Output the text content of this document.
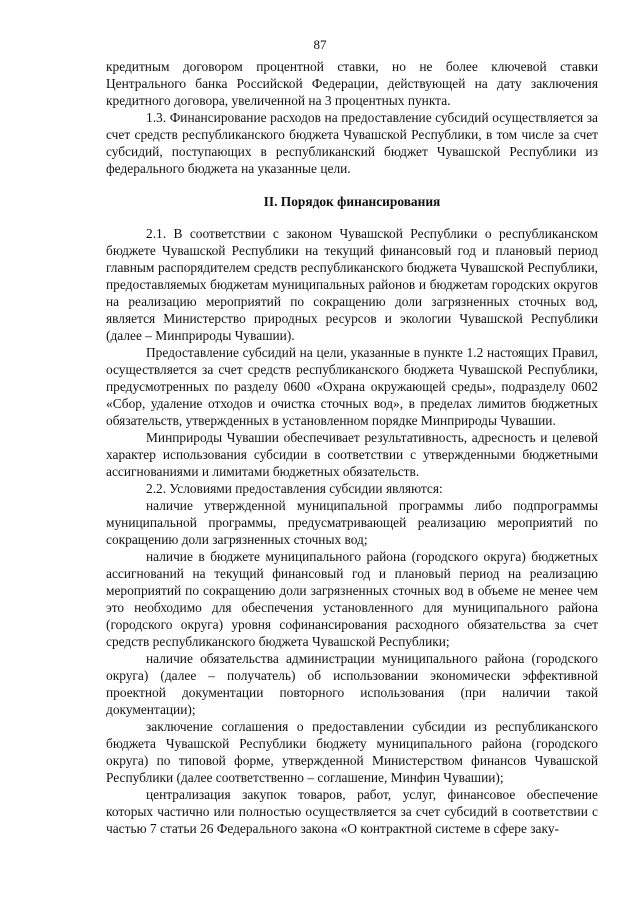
87

кредитным договором процентной ставки, но не более ключевой ставки Центрального банка Российской Федерации, действующей на дату заключения кредитного договора, увеличенной на 3 процентных пункта.

1.3. Финансирование расходов на предоставление субсидий осуществляется за счет средств республиканского бюджета Чувашской Республики, в том числе за счет субсидий, поступающих в республиканский бюджет Чувашской Республики из федерального бюджета на указанные цели.

II. Порядок финансирования

2.1. В соответствии с законом Чувашской Республики о республиканском бюджете Чувашской Республики на текущий финансовый год и плановый период главным распорядителем средств республиканского бюджета Чувашской Республики, предоставляемых бюджетам муниципальных районов и бюджетам городских округов на реализацию мероприятий по сокращению доли загрязненных сточных вод, является Министерство природных ресурсов и экологии Чувашской Республики (далее – Минприроды Чувашии).

Предоставление субсидий на цели, указанные в пункте 1.2 настоящих Правил, осуществляется за счет средств республиканского бюджета Чувашской Республики, предусмотренных по разделу 0600 «Охрана окружающей среды», подразделу 0602 «Сбор, удаление отходов и очистка сточных вод», в пределах лимитов бюджетных обязательств, утвержденных в установленном порядке Минприроды Чувашии.

Минприроды Чувашии обеспечивает результативность, адресность и целевой характер использования субсидии в соответствии с утвержденными бюджетными ассигнованиями и лимитами бюджетных обязательств.

2.2. Условиями предоставления субсидии являются:

наличие утвержденной муниципальной программы либо подпрограммы муниципальной программы, предусматривающей реализацию мероприятий по сокращению доли загрязненных сточных вод;

наличие в бюджете муниципального района (городского округа) бюджетных ассигнований на текущий финансовый год и плановый период на реализацию мероприятий по сокращению доли загрязненных сточных вод в объеме не менее чем это необходимо для обеспечения установленного для муниципального района (городского округа) уровня софинансирования расходного обязательства за счет средств республиканского бюджета Чувашской Республики;

наличие обязательства администрации муниципального района (городского округа) (далее – получатель) об использовании экономически эффективной проектной документации повторного использования (при наличии такой документации);

заключение соглашения о предоставлении субсидии из республиканского бюджета Чувашской Республики бюджету муниципального района (городского округа) по типовой форме, утвержденной Министерством финансов Чувашской Республики (далее соответственно – соглашение, Минфин Чувашии);

централизация закупок товаров, работ, услуг, финансовое обеспечение которых частично или полностью осуществляется за счет субсидий в соответствии с частью 7 статьи 26 Федерального закона «О контрактной системе в сфере заку-
